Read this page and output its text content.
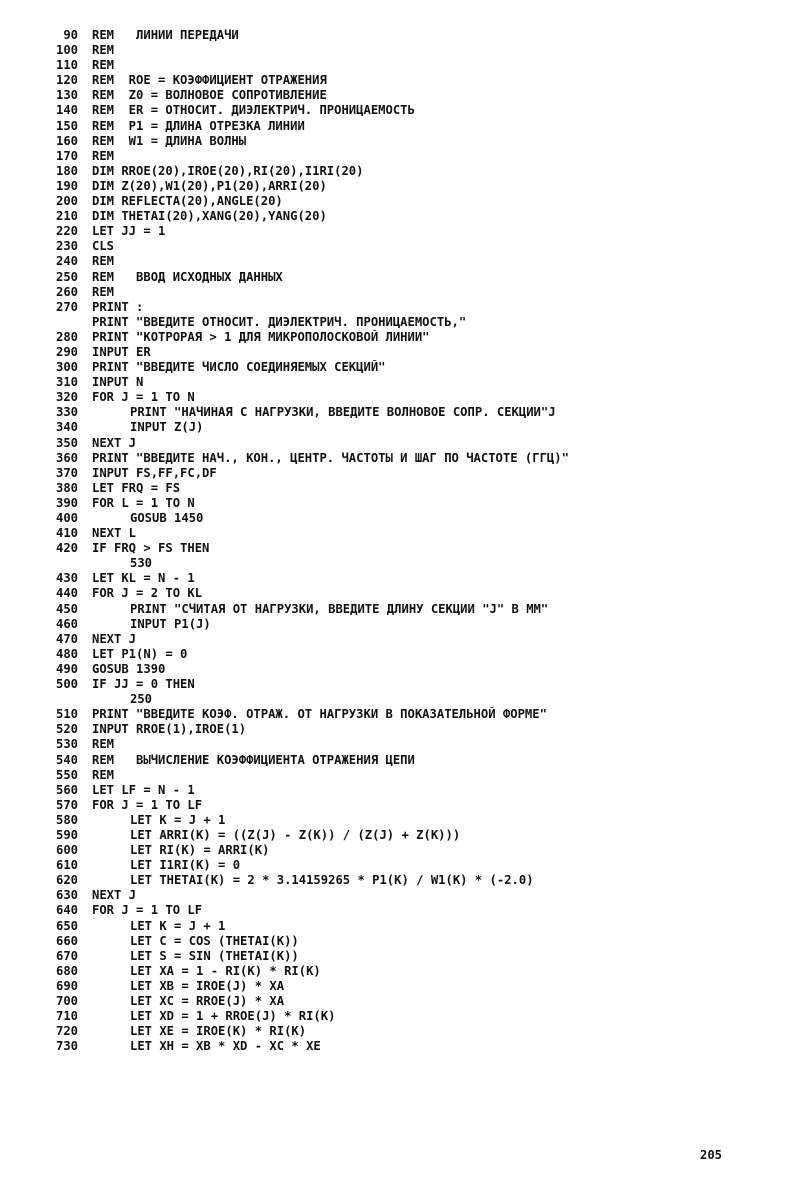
90	REM   ЛИНИИ ПЕРЕДАЧИ
100	REM
110	REM
120	REM  ROE = КОЭФФИЦИЕНТ ОТРАЖЕНИЯ
130	REM  Z0 = ВОЛНОВОЕ СОПРОТИВЛЕНИЕ
140	REM  ER = ОТНОСИТ. ДИЭЛЕКТРИЧ. ПРОНИЦАЕМОСТЬ
150	REM  P1 = ДЛИНА ОТРЕЗКА ЛИНИИ
160	REM  W1 = ДЛИНА ВОЛНЫ
170	REM
180	DIM RROE(20),IROE(20),RI(20),I1RI(20)
190	DIM Z(20),W1(20),P1(20),ARRI(20)
200	DIM REFLECTA(20),ANGLE(20)
210	DIM THETAI(20),XANG(20),YANG(20)
220	LET JJ = 1
230	CLS
240	REM
250	REM   ВВОД ИСХОДНЫХ ДАННЫХ
260	REM
270	PRINT :
PRINT "ВВЕДИТЕ ОТНОСИТ. ДИЭЛЕКТРИЧ. ПРОНИЦАЕМОСТЬ,"
280	PRINT "КОТРОРАЯ > 1 ДЛЯ МИКРОПОЛОСКОВОЙ ЛИНИИ"
290	INPUT ER
300	PRINT "ВВЕДИТЕ ЧИСЛО СОЕДИНЯЕМЫХ СЕКЦИЙ"
310	INPUT N
320	FOR J = 1 TO N
330	PRINT "НАЧИНАЯ С НАГРУЗКИ, ВВЕДИТЕ ВОЛНОВОЕ СОПР. СЕКЦИИ"J
340	INPUT Z(J)
350	NEXT J
360	PRINT "ВВЕДИТЕ НАЧ., КОН., ЦЕНТР. ЧАСТОТЫ И ШАГ ПО ЧАСТОТЕ (ГГЦ)"
370	INPUT FS,FF,FC,DF
380	LET FRQ = FS
390	FOR L = 1 TO N
400	GOSUB 1450
410	NEXT L
420	IF FRQ > FS THEN
530
430	LET KL = N - 1
440	FOR J = 2 TO KL
450	PRINT "СЧИТАЯ ОТ НАГРУЗКИ, ВВЕДИТЕ ДЛИНУ СЕКЦИИ "J" В ММ"
460	INPUT P1(J)
470	NEXT J
480	LET P1(N) = 0
490	GOSUB 1390
500	IF JJ = 0 THEN
250
510	PRINT "ВВЕДИТЕ КОЭФ. ОТРАЖ. ОТ НАГРУЗКИ В ПОКАЗАТЕЛЬНОЙ ФОРМЕ"
520	INPUT RROE(1),IROE(1)
530	REM
540	REM   ВЫЧИСЛЕНИЕ КОЭФФИЦИЕНТА ОТРАЖЕНИЯ ЦЕПИ
550	REM
560	LET LF = N - 1
570	FOR J = 1 TO LF
580	LET K = J + 1
590	LET ARRI(K) = ((Z(J) - Z(K)) / (Z(J) + Z(K)))
600	LET RI(K) = ARRI(K)
610	LET I1RI(K) = 0
620	LET THETAI(K) = 2 * 3.14159265 * P1(K) / W1(K) * (-2.0)
630	NEXT J
640	FOR J = 1 TO LF
650	LET K = J + 1
660	LET C = COS (THETAI(K))
670	LET S = SIN (THETAI(K))
680	LET XA = 1 - RI(K) * RI(K)
690	LET XB = IROE(J) * XA
700	LET XC = RROE(J) * XA
710	LET XD = 1 + RROE(J) * RI(K)
720	LET XE = IROE(K) * RI(K)
730	LET XH = XB * XD - XC * XE
205
